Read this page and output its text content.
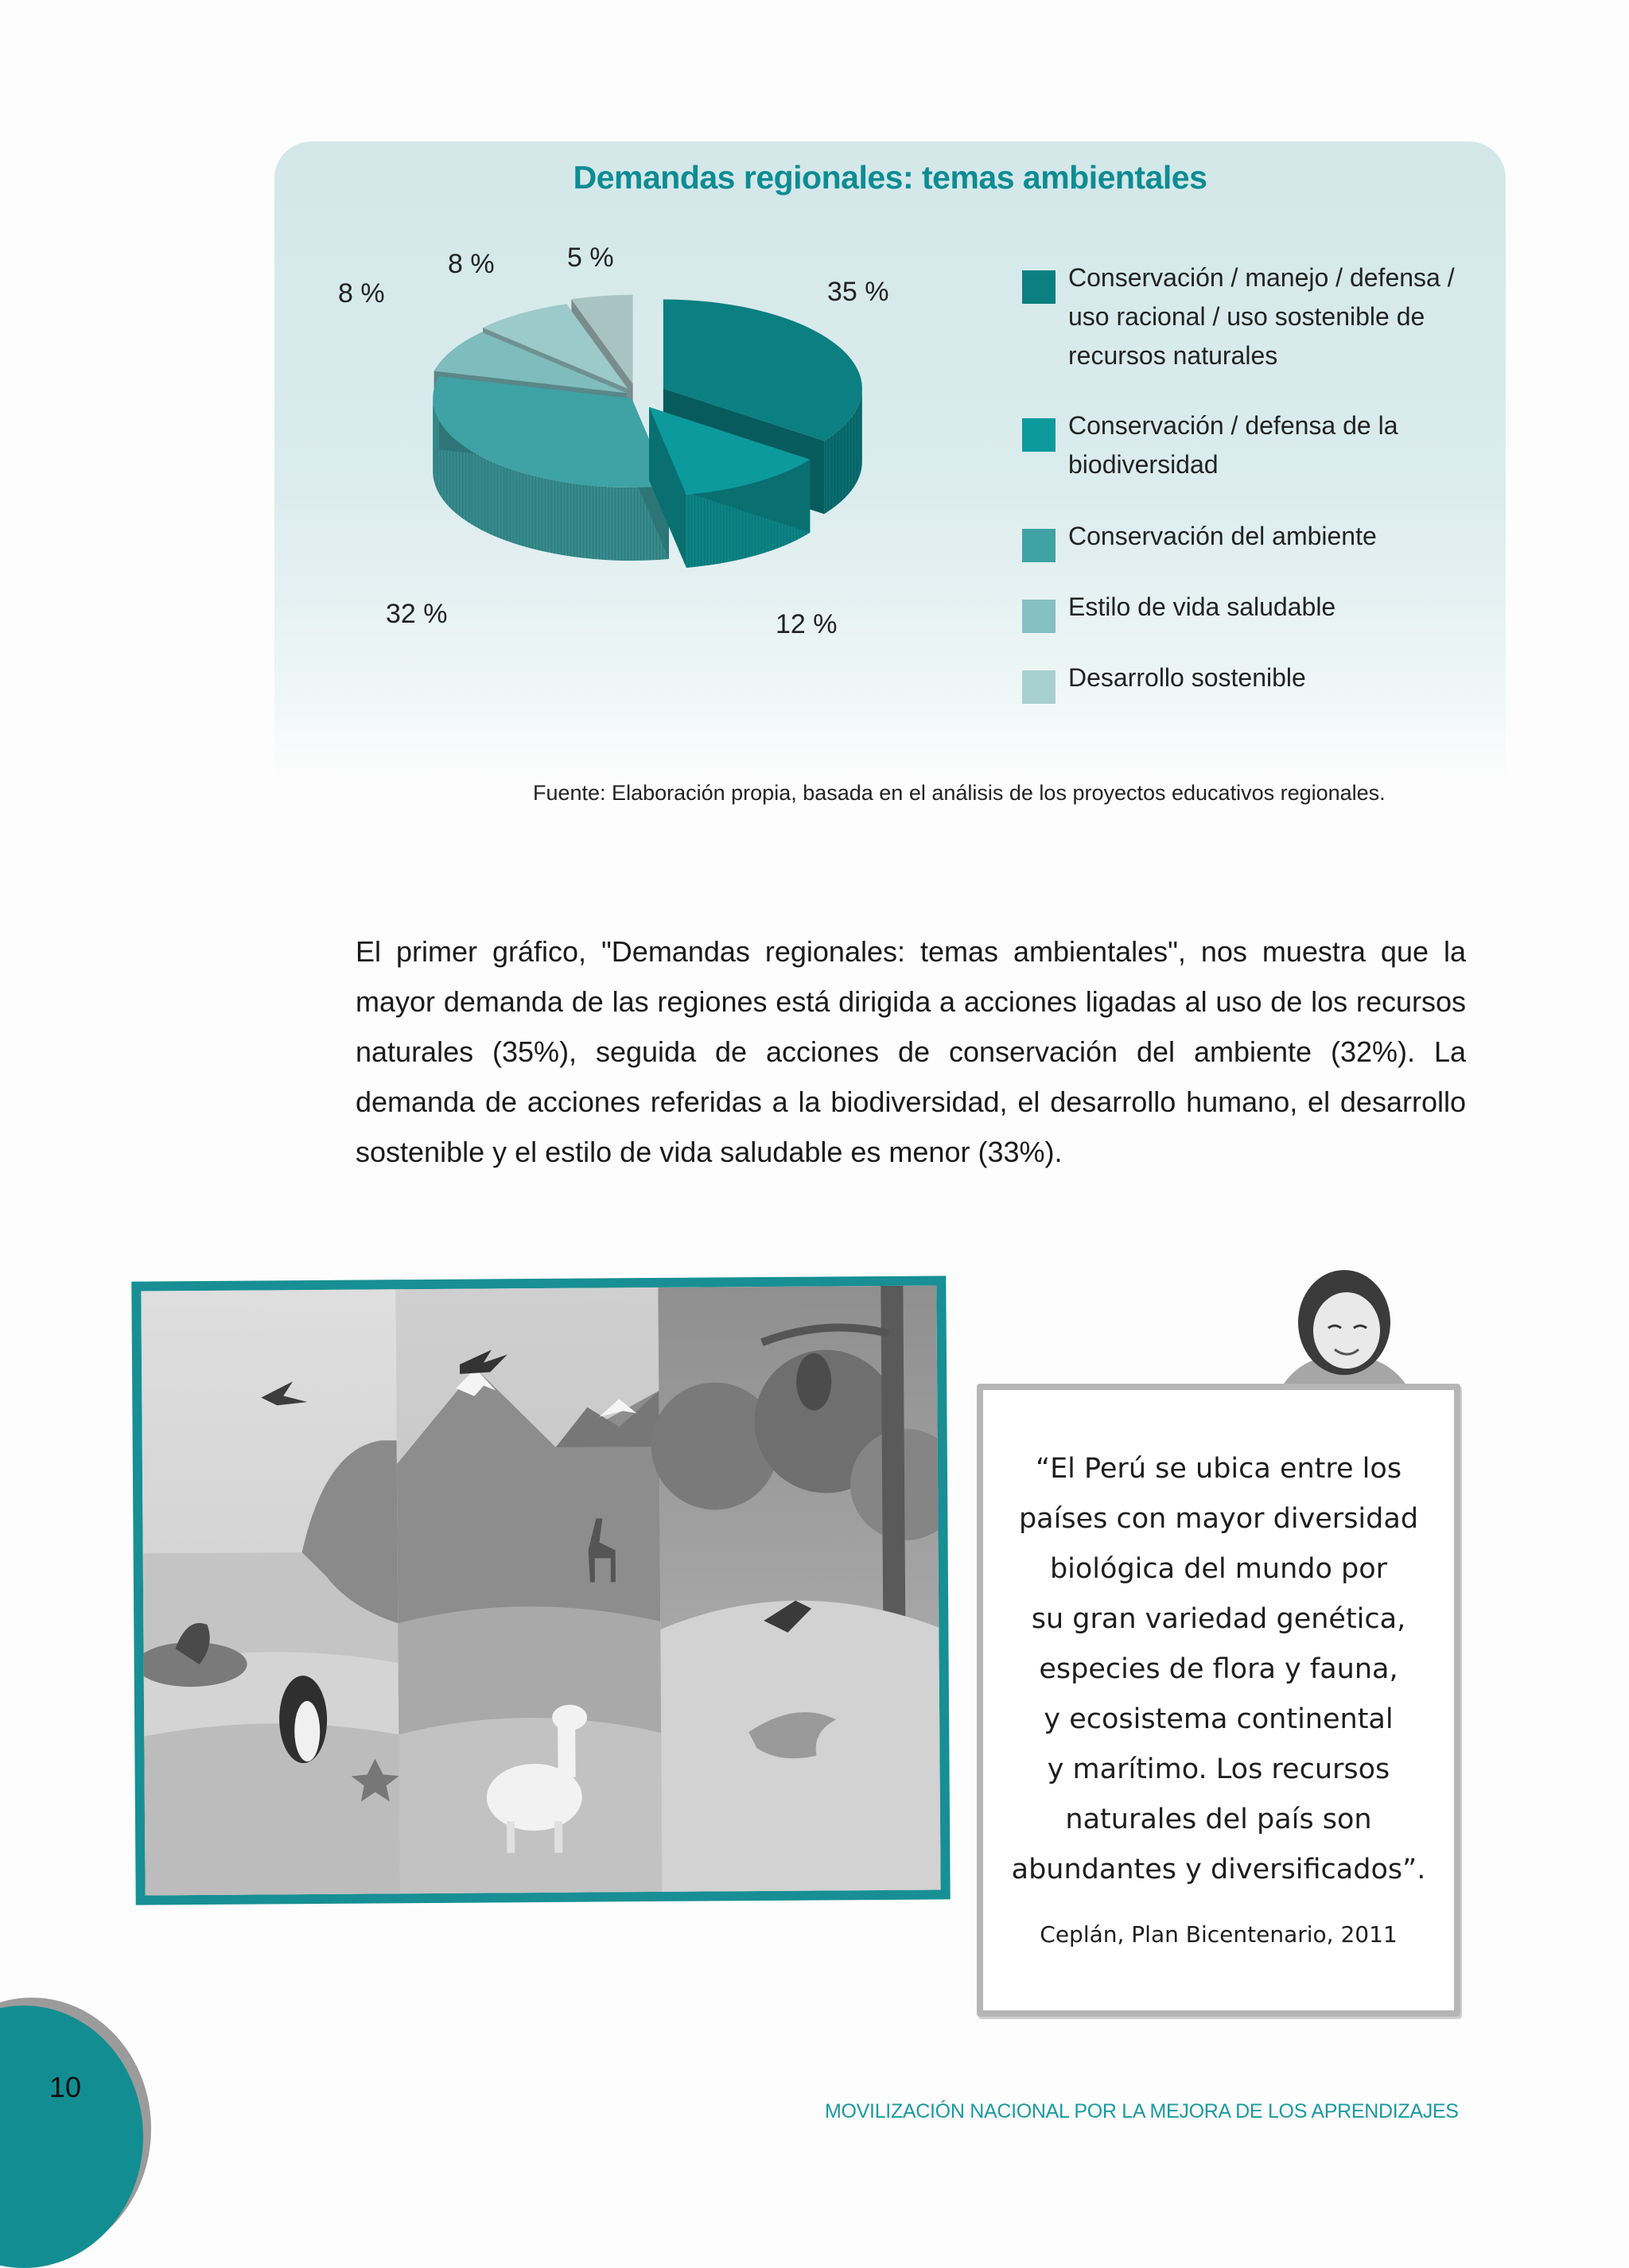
Demandas regionales: temas ambientales
35 %
12 %
32 %
8 %
8 %	5 %
Conservación / manejo / defensa / uso racional / uso sostenible de recursos naturales
Conservación / defensa de la biodiversidad
Conservación del ambiente
Estilo de vida saludable
Desarrollo sostenible
Fuente: Elaboración propia, basada en el análisis de los proyectos educativos regionales.
El primer gráfico, "Demandas regionales: temas ambientales", nos muestra que la mayor demanda de las regiones está dirigida a acciones ligadas al uso de los recursos naturales (35%), seguida de acciones de conservación del ambiente (32%). La demanda de acciones referidas a la biodiversidad, el desarrollo humano, el desarrollo sostenible y el estilo de vida saludable es menor (33%).
“El Perú se ubica entre los
países con mayor diversidad
biológica del mundo por
su gran variedad genética,
especies de flora y fauna,
y ecosistema continental
y marítimo. Los recursos
naturales del país son
abundantes y diversificados”.
Ceplán, Plan Bicentenario, 2011
10
MOVILIZACIÓN NACIONAL POR LA MEJORA DE LOS APRENDIZAJES
